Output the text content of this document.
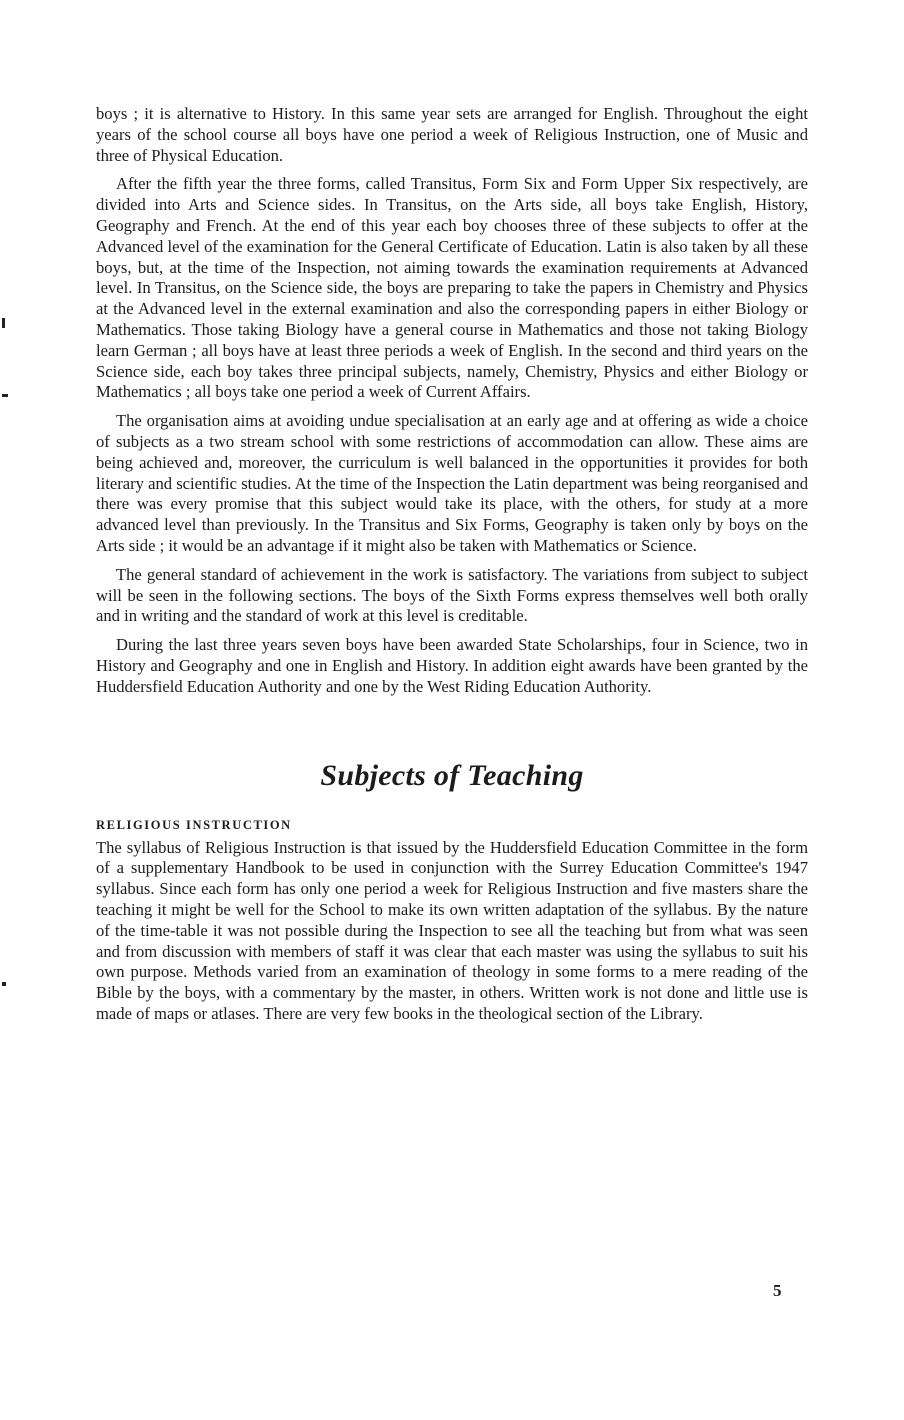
boys ; it is alternative to History. In this same year sets are arranged for English. Throughout the eight years of the school course all boys have one period a week of Religious Instruction, one of Music and three of Physical Education.

After the fifth year the three forms, called Transitus, Form Six and Form Upper Six respectively, are divided into Arts and Science sides. In Transitus, on the Arts side, all boys take English, History, Geography and French. At the end of this year each boy chooses three of these subjects to offer at the Advanced level of the examination for the General Certificate of Education. Latin is also taken by all these boys, but, at the time of the Inspection, not aiming towards the examination requirements at Advanced level. In Transitus, on the Science side, the boys are preparing to take the papers in Chemistry and Physics at the Advanced level in the external examination and also the corresponding papers in either Biology or Mathematics. Those taking Biology have a general course in Mathematics and those not taking Biology learn German ; all boys have at least three periods a week of English. In the second and third years on the Science side, each boy takes three principal subjects, namely, Chemistry, Physics and either Biology or Mathematics ; all boys take one period a week of Current Affairs.

The organisation aims at avoiding undue specialisation at an early age and at offering as wide a choice of subjects as a two stream school with some restrictions of accommodation can allow. These aims are being achieved and, moreover, the curriculum is well balanced in the opportunities it provides for both literary and scientific studies. At the time of the Inspection the Latin department was being reorganised and there was every promise that this subject would take its place, with the others, for study at a more advanced level than previously. In the Transitus and Six Forms, Geography is taken only by boys on the Arts side ; it would be an advantage if it might also be taken with Mathematics or Science.

The general standard of achievement in the work is satisfactory. The variations from subject to subject will be seen in the following sections. The boys of the Sixth Forms express themselves well both orally and in writing and the standard of work at this level is creditable.

During the last three years seven boys have been awarded State Scholarships, four in Science, two in History and Geography and one in English and History. In addition eight awards have been granted by the Huddersfield Education Authority and one by the West Riding Education Authority.

Subjects of Teaching
RELIGIOUS INSTRUCTION

The syllabus of Religious Instruction is that issued by the Huddersfield Education Committee in the form of a supplementary Handbook to be used in conjunction with the Surrey Education Committee's 1947 syllabus. Since each form has only one period a week for Religious Instruction and five masters share the teaching it might be well for the School to make its own written adaptation of the syllabus. By the nature of the time-table it was not possible during the Inspection to see all the teaching but from what was seen and from discussion with members of staff it was clear that each master was using the syllabus to suit his own purpose. Methods varied from an examination of theology in some forms to a mere reading of the Bible by the boys, with a commentary by the master, in others. Written work is not done and little use is made of maps or atlases. There are very few books in the theological section of the Library.

5
